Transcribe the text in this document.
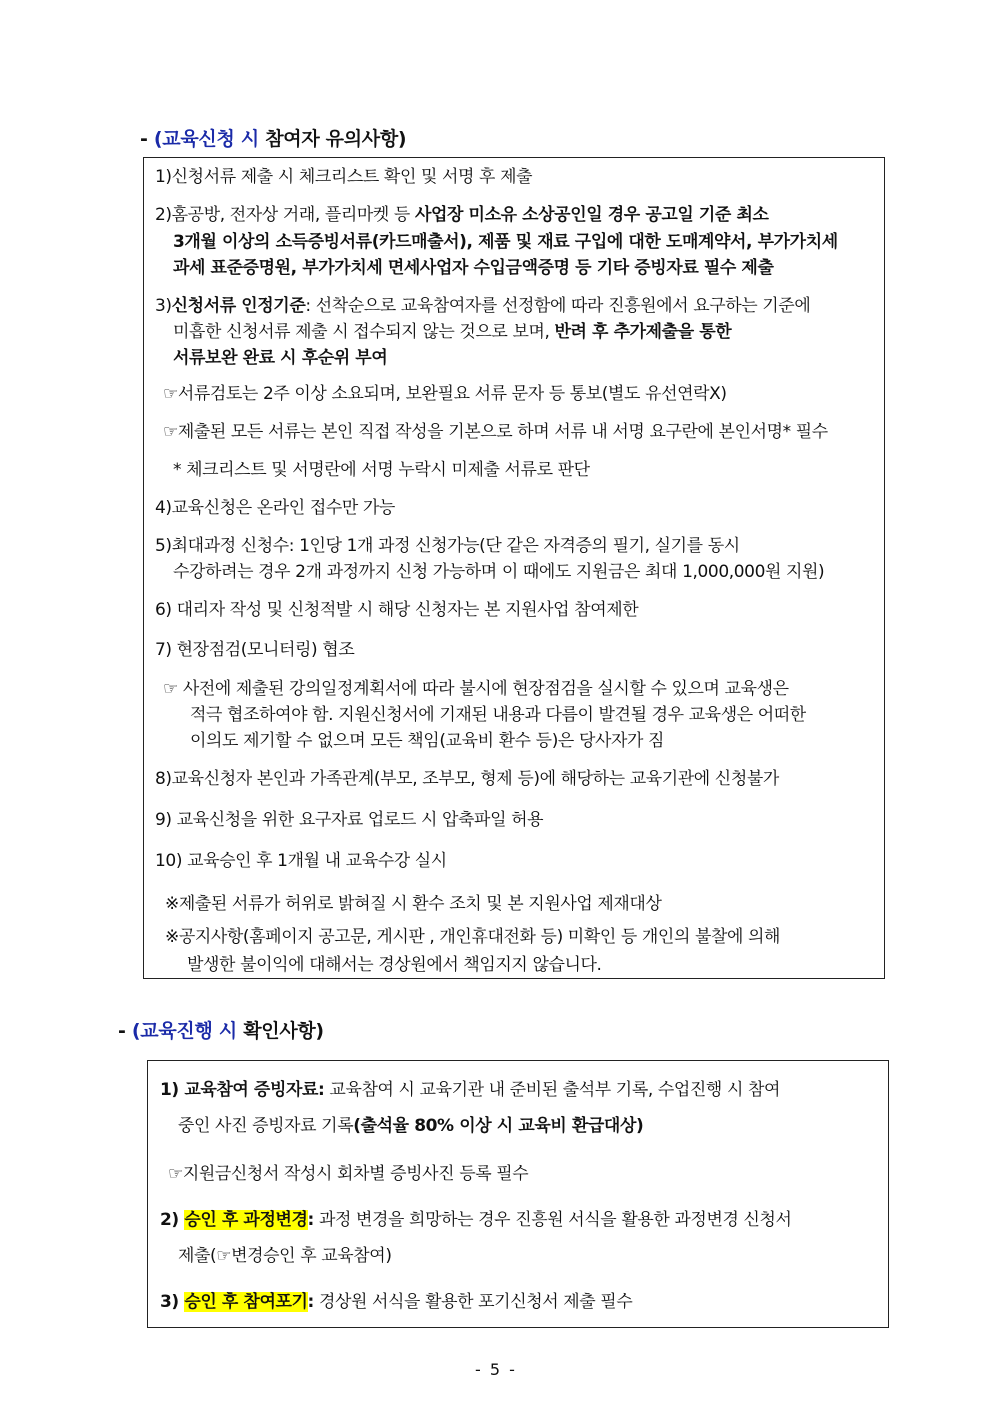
- (교육신청 시 참여자 유의사항)
1)신청서류 제출 시 체크리스트 확인 및 서명 후 제출
2)홈공방, 전자상 거래, 플리마켓 등 사업장 미소유 소상공인일 경우 공고일 기준 최소
3개월 이상의 소득증빙서류(카드매출서), 제품 및 재료 구입에 대한 도매계약서, 부가가치세
과세 표준증명원, 부가가치세 면세사업자 수입금액증명 등 기타 증빙자료 필수 제출
3)신청서류 인정기준: 선착순으로 교육참여자를 선정함에 따라 진흥원에서 요구하는 기준에
미흡한 신청서류 제출 시 접수되지 않는 것으로 보며, 반려 후 추가제출을 통한
서류보완 완료 시 후순위 부여
☞서류검토는 2주 이상 소요되며, 보완필요 서류 문자 등 통보(별도 유선연락X)
☞제출된 모든 서류는 본인 직접 작성을 기본으로 하며 서류 내 서명 요구란에 본인서명* 필수
* 체크리스트 및 서명란에 서명 누락시 미제출 서류로 판단
4)교육신청은 온라인 접수만 가능
5)최대과정 신청수: 1인당 1개 과정 신청가능(단 같은 자격증의 필기, 실기를 동시
수강하려는 경우 2개 과정까지 신청 가능하며 이 때에도 지원금은 최대 1,000,000원 지원)
6) 대리자 작성 및 신청적발 시 해당 신청자는 본 지원사업 참여제한
7) 현장점검(모니터링) 협조
☞ 사전에 제출된 강의일정계획서에 따라 불시에 현장점검을 실시할 수 있으며 교육생은
적극 협조하여야 함. 지원신청서에 기재된 내용과 다름이 발견될 경우 교육생은 어떠한
이의도 제기할 수 없으며 모든 책임(교육비 환수 등)은 당사자가 짐
8)교육신청자 본인과 가족관계(부모, 조부모, 형제 등)에 해당하는 교육기관에 신청불가
9) 교육신청을 위한 요구자료 업로드 시 압축파일 허용
10) 교육승인 후 1개월 내 교육수강 실시
※제출된 서류가 허위로 밝혀질 시 환수 조치 및 본 지원사업 제재대상
※공지사항(홈페이지 공고문, 게시판 , 개인휴대전화 등) 미확인 등 개인의 불찰에 의해
발생한 불이익에 대해서는 경상원에서 책임지지 않습니다.
- (교육진행 시 확인사항)
1) 교육참여 증빙자료: 교육참여 시 교육기관 내 준비된 출석부 기록, 수업진행 시 참여
중인 사진 증빙자료 기록(출석율 80% 이상 시 교육비 환급대상)
☞지원금신청서 작성시 회차별 증빙사진 등록 필수
2) 승인 후 과정변경: 과정 변경을 희망하는 경우 진흥원 서식을 활용한 과정변경 신청서
제출(☞변경승인 후 교육참여)
3) 승인 후 참여포기: 경상원 서식을 활용한 포기신청서 제출 필수
- 5 -
